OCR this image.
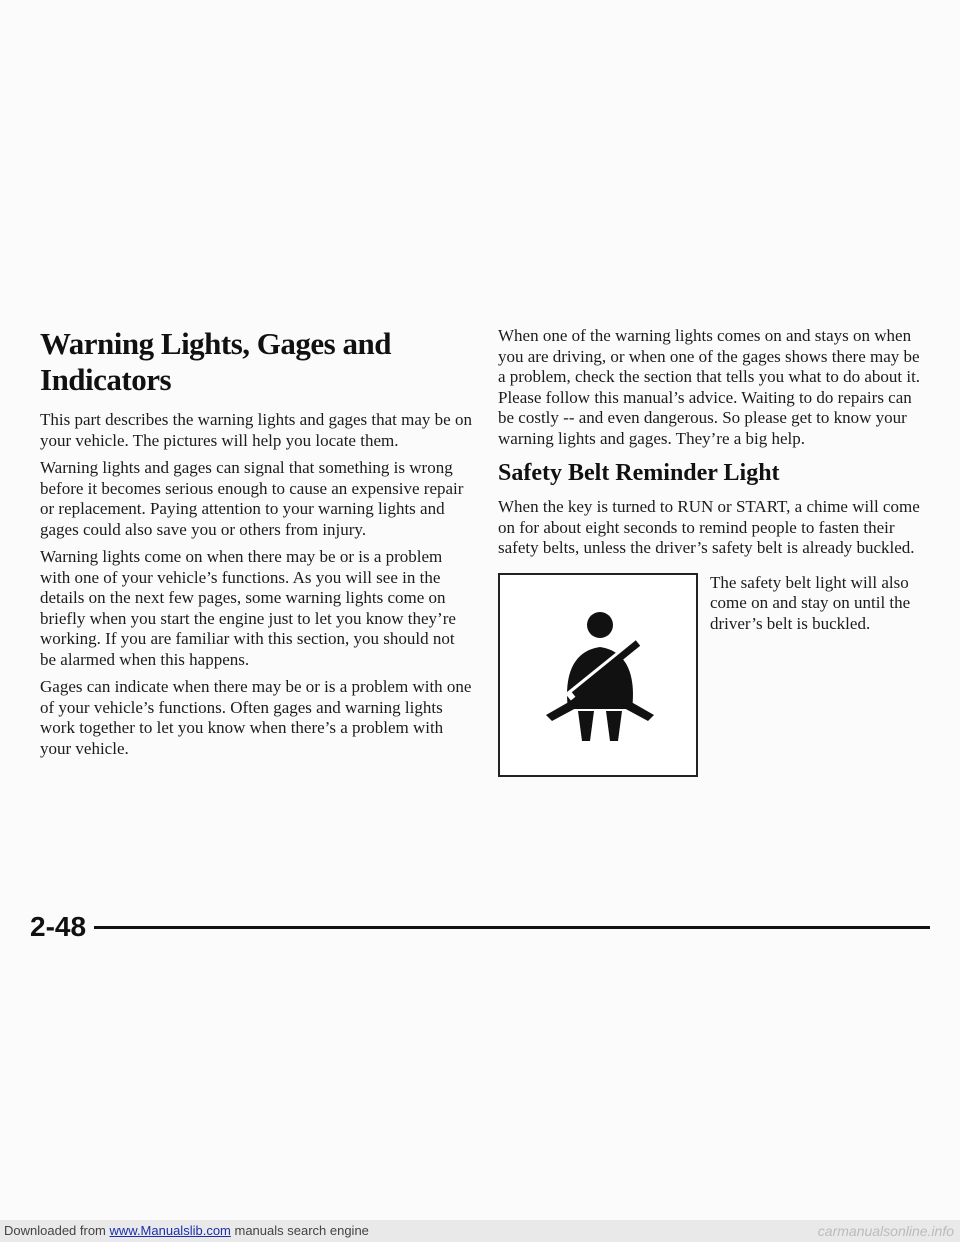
Warning Lights, Gages and Indicators

This part describes the warning lights and gages that may be on your vehicle. The pictures will help you locate them.

Warning lights and gages can signal that something is wrong before it becomes serious enough to cause an expensive repair or replacement. Paying attention to your warning lights and gages could also save you or others from injury.

Warning lights come on when there may be or is a problem with one of your vehicle’s functions. As you will see in the details on the next few pages, some warning lights come on briefly when you start the engine just to let you know they’re working. If you are familiar with this section, you should not be alarmed when this happens.

Gages can indicate when there may be or is a problem with one of your vehicle’s functions. Often gages and warning lights work together to let you know when there’s a problem with your vehicle.

When one of the warning lights comes on and stays on when you are driving, or when one of the gages shows there may be a problem, check the section that tells you what to do about it. Please follow this manual’s advice. Waiting to do repairs can be costly -- and even dangerous. So please get to know your warning lights and gages. They’re a big help.

Safety Belt Reminder Light

When the key is turned to RUN or START, a chime will come on for about eight seconds to remind people to fasten their safety belts, unless the driver’s safety belt is already buckled.

The safety belt light will also come on and stay on until the driver’s belt is buckled.

2-48
Downloaded from www.Manualslib.com manuals search engine	carmanualsonline.info
